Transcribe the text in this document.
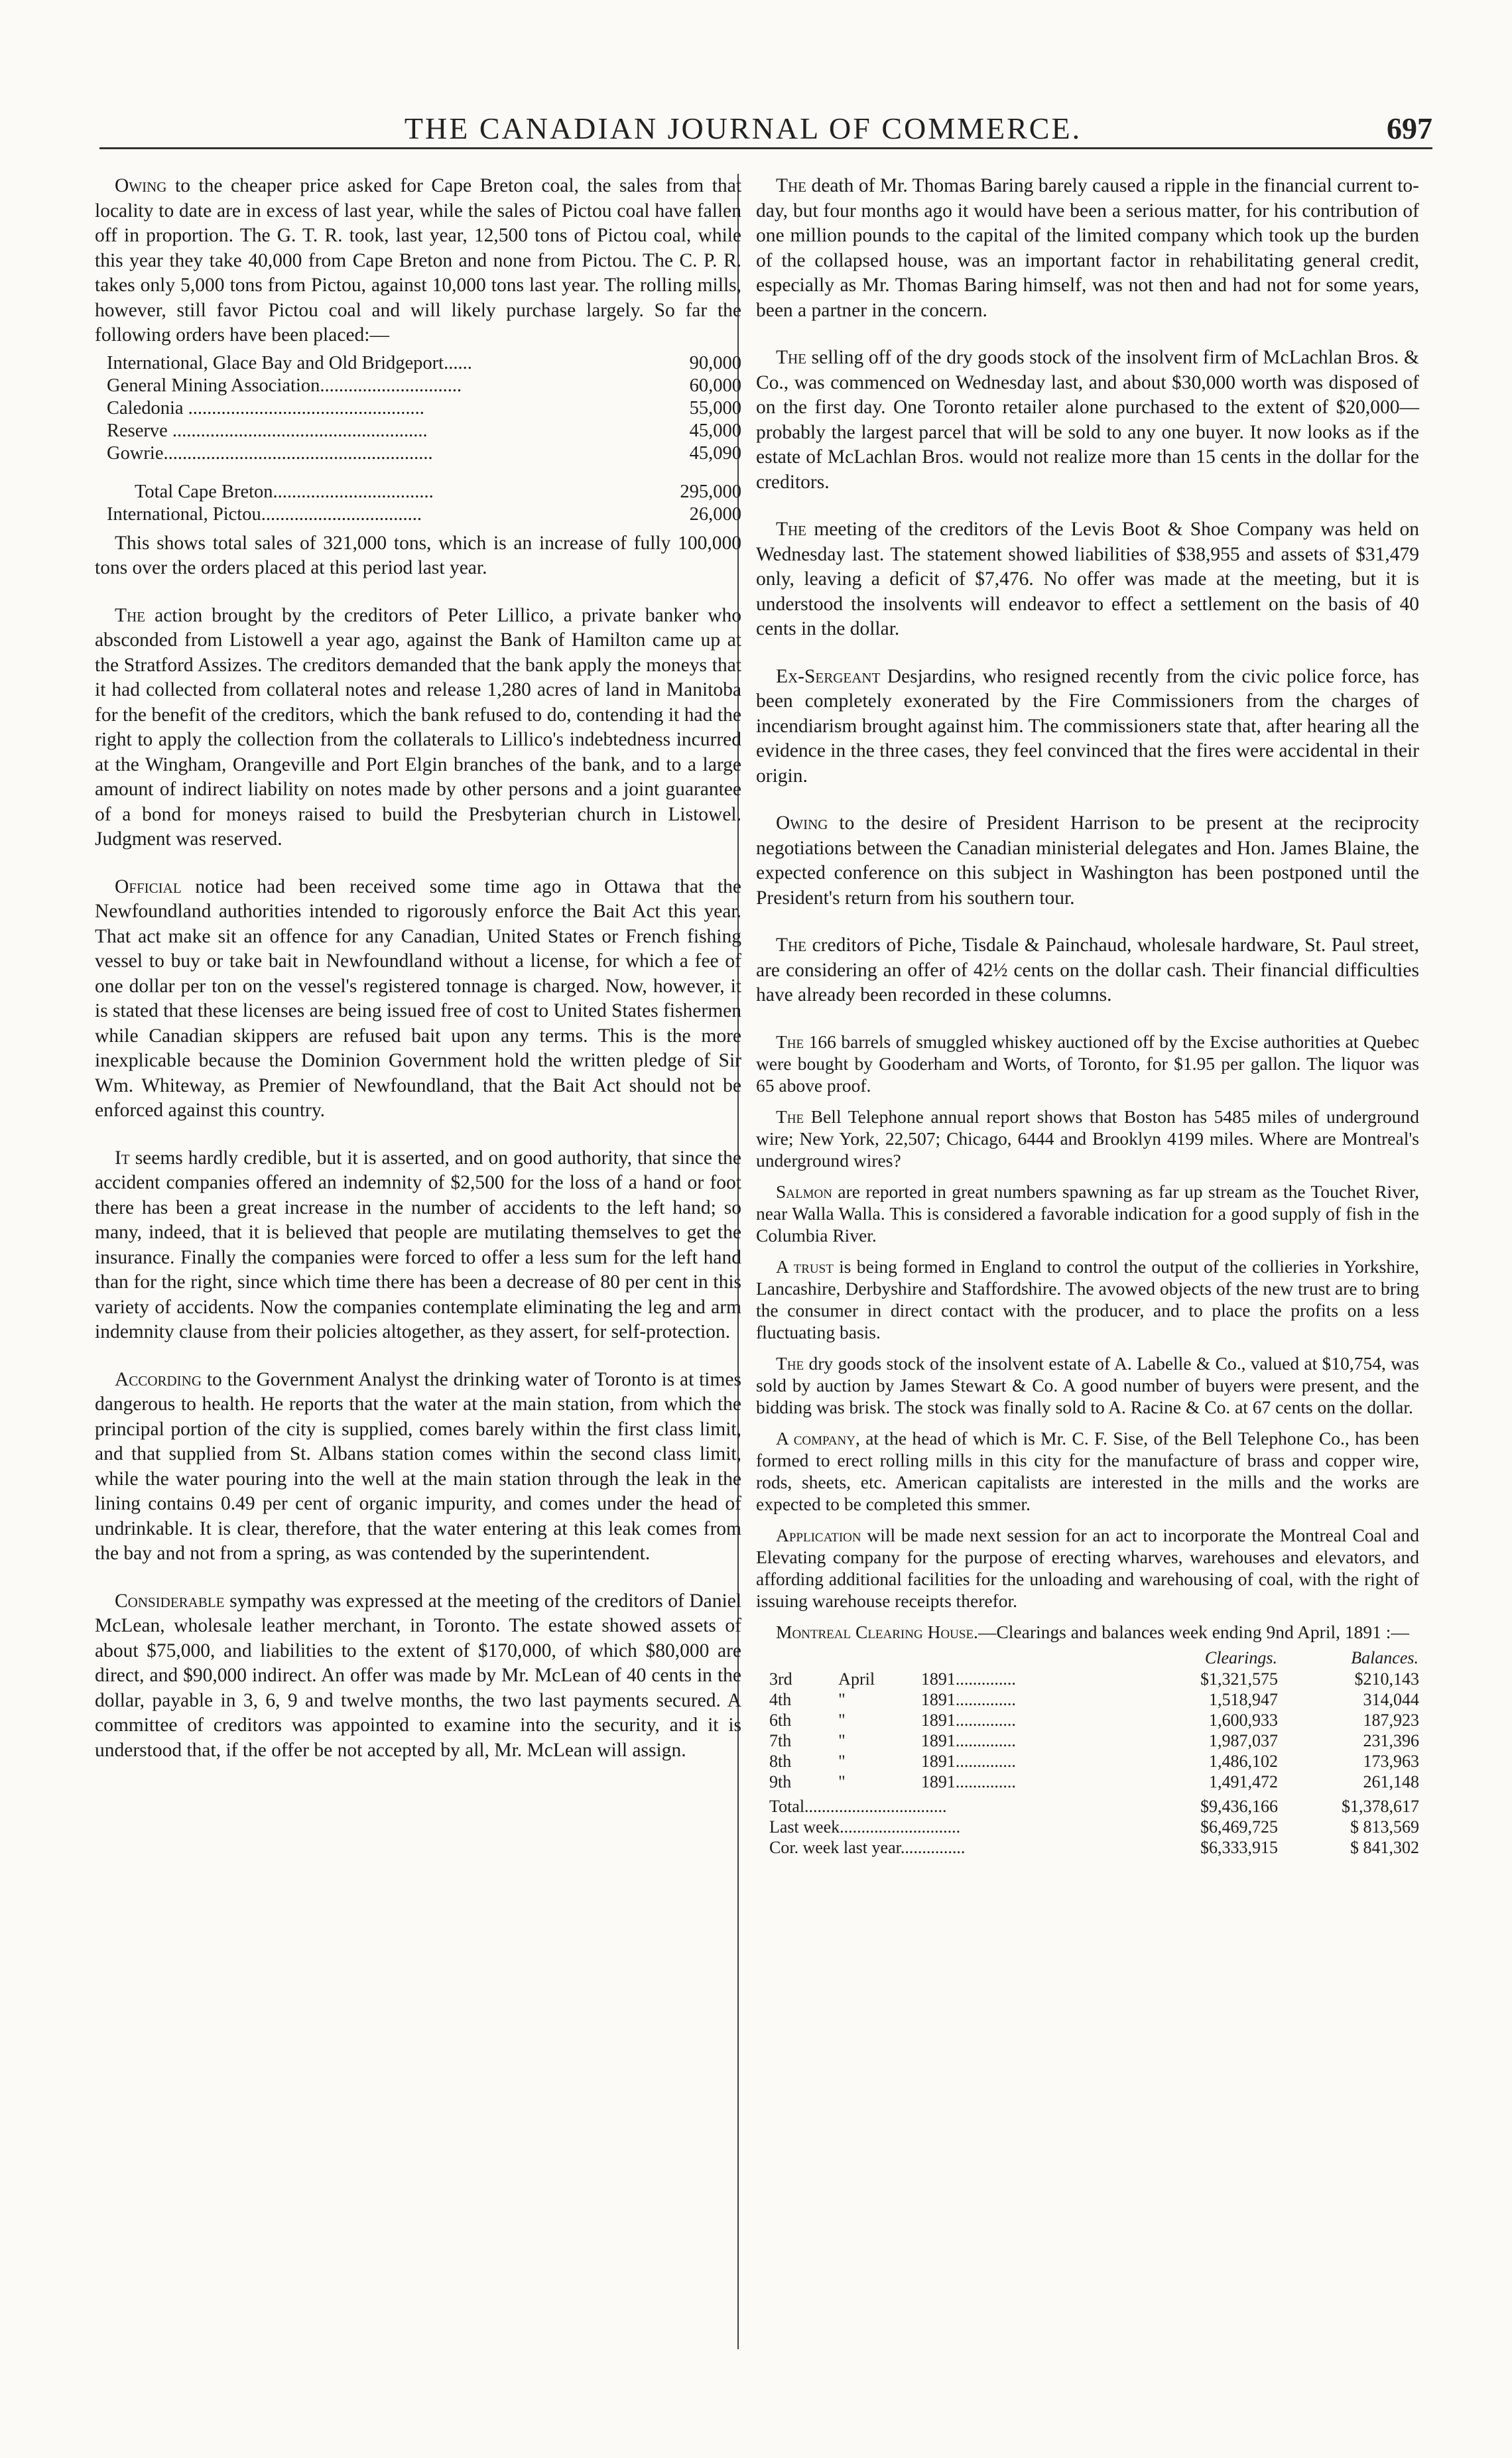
THE CANADIAN JOURNAL OF COMMERCE.	697

Owing to the cheaper price asked for Cape Breton coal, the sales from that locality to date are in excess of last year, while the sales of Pictou coal have fallen off in proportion. The G. T. R. took, last year, 12,500 tons of Pictou coal, while this year they take 40,000 from Cape Breton and none from Pictou. The C. P. R. takes only 5,000 tons from Pictou, against 10,000 tons last year. The rolling mills, however, still favor Pictou coal and will likely purchase largely. So far the following orders have been placed:—

International, Glace Bay and Old Bridgeport......	90,000
General Mining Association..............................	60,000
Caledonia ..................................................	55,000
Reserve ......................................................	45,000
Gowrie.........................................................	45,090

Total Cape Breton..................................	295,000
International, Pictou..................................	26,000

This shows total sales of 321,000 tons, which is an increase of fully 100,000 tons over the orders placed at this period last year.

The action brought by the creditors of Peter Lillico, a private banker who absconded from Listowell a year ago, against the Bank of Hamilton came up at the Stratford Assizes. The creditors demanded that the bank apply the moneys that it had collected from collateral notes and release 1,280 acres of land in Manitoba for the benefit of the creditors, which the bank refused to do, contending it had the right to apply the collection from the collaterals to Lillico's indebtedness incurred at the Wingham, Orangeville and Port Elgin branches of the bank, and to a large amount of indirect liability on notes made by other persons and a joint guarantee of a bond for moneys raised to build the Presbyterian church in Listowel. Judgment was reserved.

Official notice had been received some time ago in Ottawa that the Newfoundland authorities intended to rigorously enforce the Bait Act this year. That act make sit an offence for any Canadian, United States or French fishing vessel to buy or take bait in Newfoundland without a license, for which a fee of one dollar per ton on the vessel's registered tonnage is charged. Now, however, it is stated that these licenses are being issued free of cost to United States fishermen while Canadian skippers are refused bait upon any terms. This is the more inexplicable because the Dominion Government hold the written pledge of Sir Wm. Whiteway, as Premier of Newfoundland, that the Bait Act should not be enforced against this country.

It seems hardly credible, but it is asserted, and on good authority, that since the accident companies offered an indemnity of $2,500 for the loss of a hand or foot there has been a great increase in the number of accidents to the left hand; so many, indeed, that it is believed that people are mutilating themselves to get the insurance. Finally the companies were forced to offer a less sum for the left hand than for the right, since which time there has been a decrease of 80 per cent in this variety of accidents. Now the companies contemplate eliminating the leg and arm indemnity clause from their policies altogether, as they assert, for self-protection.

According to the Government Analyst the drinking water of Toronto is at times dangerous to health. He reports that the water at the main station, from which the principal portion of the city is supplied, comes barely within the first class limit, and that supplied from St. Albans station comes within the second class limit, while the water pouring into the well at the main station through the leak in the lining contains 0.49 per cent of organic impurity, and comes under the head of undrinkable. It is clear, therefore, that the water entering at this leak comes from the bay and not from a spring, as was contended by the superintendent.

Considerable sympathy was expressed at the meeting of the creditors of Daniel McLean, wholesale leather merchant, in Toronto. The estate showed assets of about $75,000, and liabilities to the extent of $170,000, of which $80,000 are direct, and $90,000 indirect. An offer was made by Mr. McLean of 40 cents in the dollar, payable in 3, 6, 9 and twelve months, the two last payments secured. A committee of creditors was appointed to examine into the security, and it is understood that, if the offer be not accepted by all, Mr. McLean will assign.

The death of Mr. Thomas Baring barely caused a ripple in the financial current to-day, but four months ago it would have been a serious matter, for his contribution of one million pounds to the capital of the limited company which took up the burden of the collapsed house, was an important factor in rehabilitating general credit, especially as Mr. Thomas Baring himself, was not then and had not for some years, been a partner in the concern.

The selling off of the dry goods stock of the insolvent firm of McLachlan Bros. & Co., was commenced on Wednesday last, and about $30,000 worth was disposed of on the first day. One Toronto retailer alone purchased to the extent of $20,000—probably the largest parcel that will be sold to any one buyer. It now looks as if the estate of McLachlan Bros. would not realize more than 15 cents in the dollar for the creditors.

The meeting of the creditors of the Levis Boot & Shoe Company was held on Wednesday last. The statement showed liabilities of $38,955 and assets of $31,479 only, leaving a deficit of $7,476. No offer was made at the meeting, but it is understood the insolvents will endeavor to effect a settlement on the basis of 40 cents in the dollar.

Ex-Sergeant Desjardins, who resigned recently from the civic police force, has been completely exonerated by the Fire Commissioners from the charges of incendiarism brought against him. The commissioners state that, after hearing all the evidence in the three cases, they feel convinced that the fires were accidental in their origin.

Owing to the desire of President Harrison to be present at the reciprocity negotiations between the Canadian ministerial delegates and Hon. James Blaine, the expected conference on this subject in Washington has been postponed until the President's return from his southern tour.

The creditors of Piche, Tisdale & Painchaud, wholesale hardware, St. Paul street, are considering an offer of 42½ cents on the dollar cash. Their financial difficulties have already been recorded in these columns.

The 166 barrels of smuggled whiskey auctioned off by the Excise authorities at Quebec were bought by Gooderham and Worts, of Toronto, for $1.95 per gallon. The liquor was 65 above proof.

The Bell Telephone annual report shows that Boston has 5485 miles of underground wire; New York, 22,507; Chicago, 6444 and Brooklyn 4199 miles. Where are Montreal's underground wires?

Salmon are reported in great numbers spawning as far up stream as the Touchet River, near Walla Walla. This is considered a favorable indication for a good supply of fish in the Columbia River.

A trust is being formed in England to control the output of the collieries in Yorkshire, Lancashire, Derbyshire and Staffordshire. The avowed objects of the new trust are to bring the consumer in direct contact with the producer, and to place the profits on a less fluctuating basis.

The dry goods stock of the insolvent estate of A. Labelle & Co., valued at $10,754, was sold by auction by James Stewart & Co. A good number of buyers were present, and the bidding was brisk. The stock was finally sold to A. Racine & Co. at 67 cents on the dollar.

A company, at the head of which is Mr. C. F. Sise, of the Bell Telephone Co., has been formed to erect rolling mills in this city for the manufacture of brass and copper wire, rods, sheets, etc. American capitalists are interested in the mills and the works are expected to be completed this smmer.

Application will be made next session for an act to incorporate the Montreal Coal and Elevating company for the purpose of erecting wharves, warehouses and elevators, and affording additional facilities for the unloading and warehousing of coal, with the right of issuing warehouse receipts therefor.

Montreal Clearing House.—Clearings and balances week ending 9nd April, 1891 :—

			Clearings.	Balances.
3rd	April	1891..............	$1,321,575	$210,143
4th	"	1891..............	1,518,947	314,044
6th	"	1891..............	1,600,933	187,923
7th	"	1891..............	1,987,037	231,396
8th	"	1891..............	1,486,102	173,963
9th	"	1891..............	1,491,472	261,148
Total.................................			$9,436,166	$1,378,617
Last week............................			$6,469,725	$ 813,569
Cor. week last year...............			$6,333,915	$ 841,302
